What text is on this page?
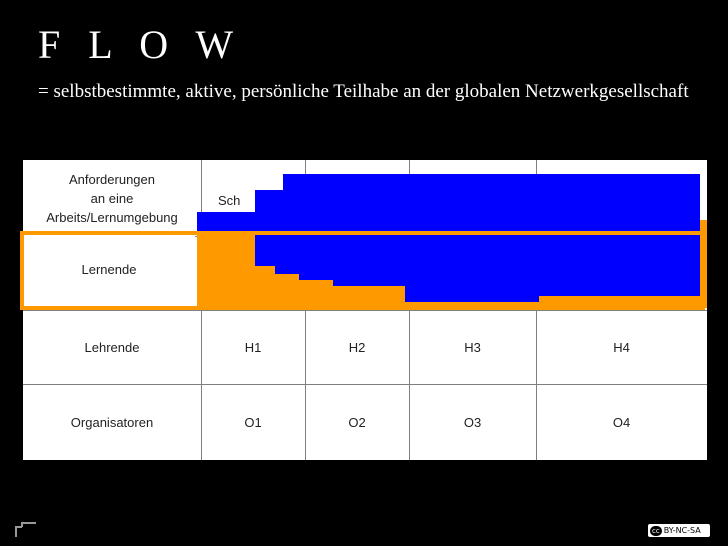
F L O W
= selbstbestimmte, aktive, persönliche Teilhabe an der globalen Netzwerkgesellschaft
Anforderungen
an eine
Arbeits/Lernumgebung
Sch
Lernende
Lehrende	H1	H2	H3	H4
Organisatoren	O1	O2	O3	O4
cc BY-NC-SA
